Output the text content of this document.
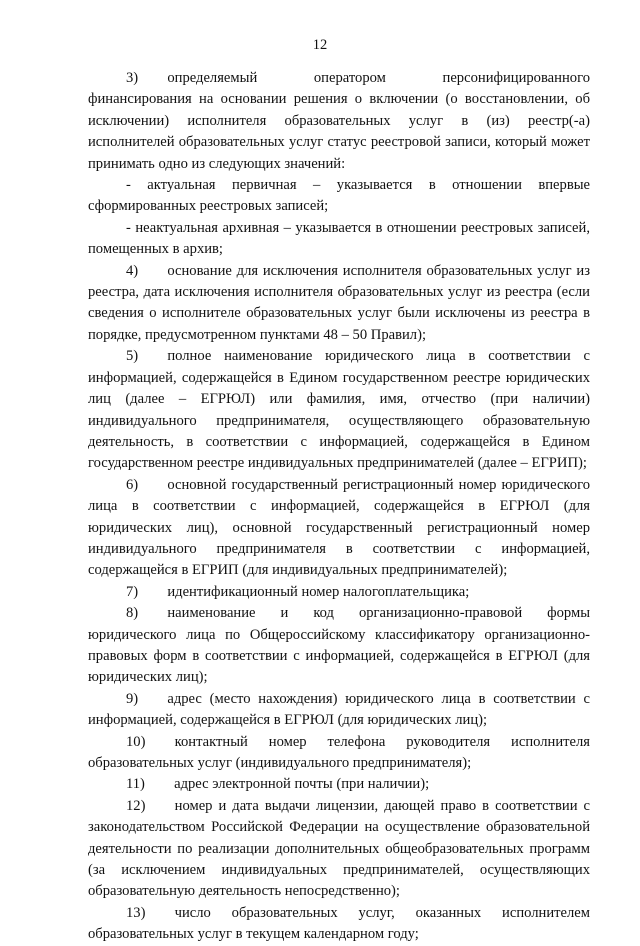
12

3)  определяемый оператором персонифицированного финансирования на основании решения о включении (о восстановлении, об исключении) исполнителя образовательных услуг в (из) реестр(-а) исполнителей образовательных услуг статус реестровой записи, который может принимать одно из следующих значений:

- актуальная первичная – указывается в отношении впервые сформированных реестровых записей;

- неактуальная архивная – указывается в отношении реестровых записей, помещенных в архив;

4)  основание для исключения исполнителя образовательных услуг из реестра, дата исключения исполнителя образовательных услуг из реестра (если сведения о исполнителе образовательных услуг были исключены из реестра в порядке, предусмотренном пунктами 48 – 50 Правил);

5)  полное наименование юридического лица в соответствии с информацией, содержащейся в Едином государственном реестре юридических лиц (далее – ЕГРЮЛ) или фамилия, имя, отчество (при наличии) индивидуального предпринимателя, осуществляющего образовательную деятельность, в соответствии с информацией, содержащейся в Едином государственном реестре индивидуальных предпринимателей (далее – ЕГРИП);

6)  основной государственный регистрационный номер юридического лица в соответствии с информацией, содержащейся в ЕГРЮЛ (для юридических лиц), основной государственный регистрационный номер индивидуального предпринимателя в соответствии с информацией, содержащейся в ЕГРИП (для индивидуальных предпринимателей);

7)  идентификационный номер налогоплательщика;

8)  наименование и код организационно-правовой формы юридического лица по Общероссийскому классификатору организационно-правовых форм в соответствии с информацией, содержащейся в ЕГРЮЛ (для юридических лиц);

9)  адрес (место нахождения) юридического лица в соответствии с информацией, содержащейся в ЕГРЮЛ (для юридических лиц);

10)  контактный номер телефона руководителя исполнителя образовательных услуг (индивидуального предпринимателя);

11)  адрес электронной почты (при наличии);

12)  номер и дата выдачи лицензии, дающей право в соответствии с законодательством Российской Федерации на осуществление образовательной деятельности по реализации дополнительных общеобразовательных программ (за исключением индивидуальных предпринимателей, осуществляющих образовательную деятельность непосредственно);

13)  число образовательных услуг, оказанных исполнителем образовательных услуг в текущем календарном году;
